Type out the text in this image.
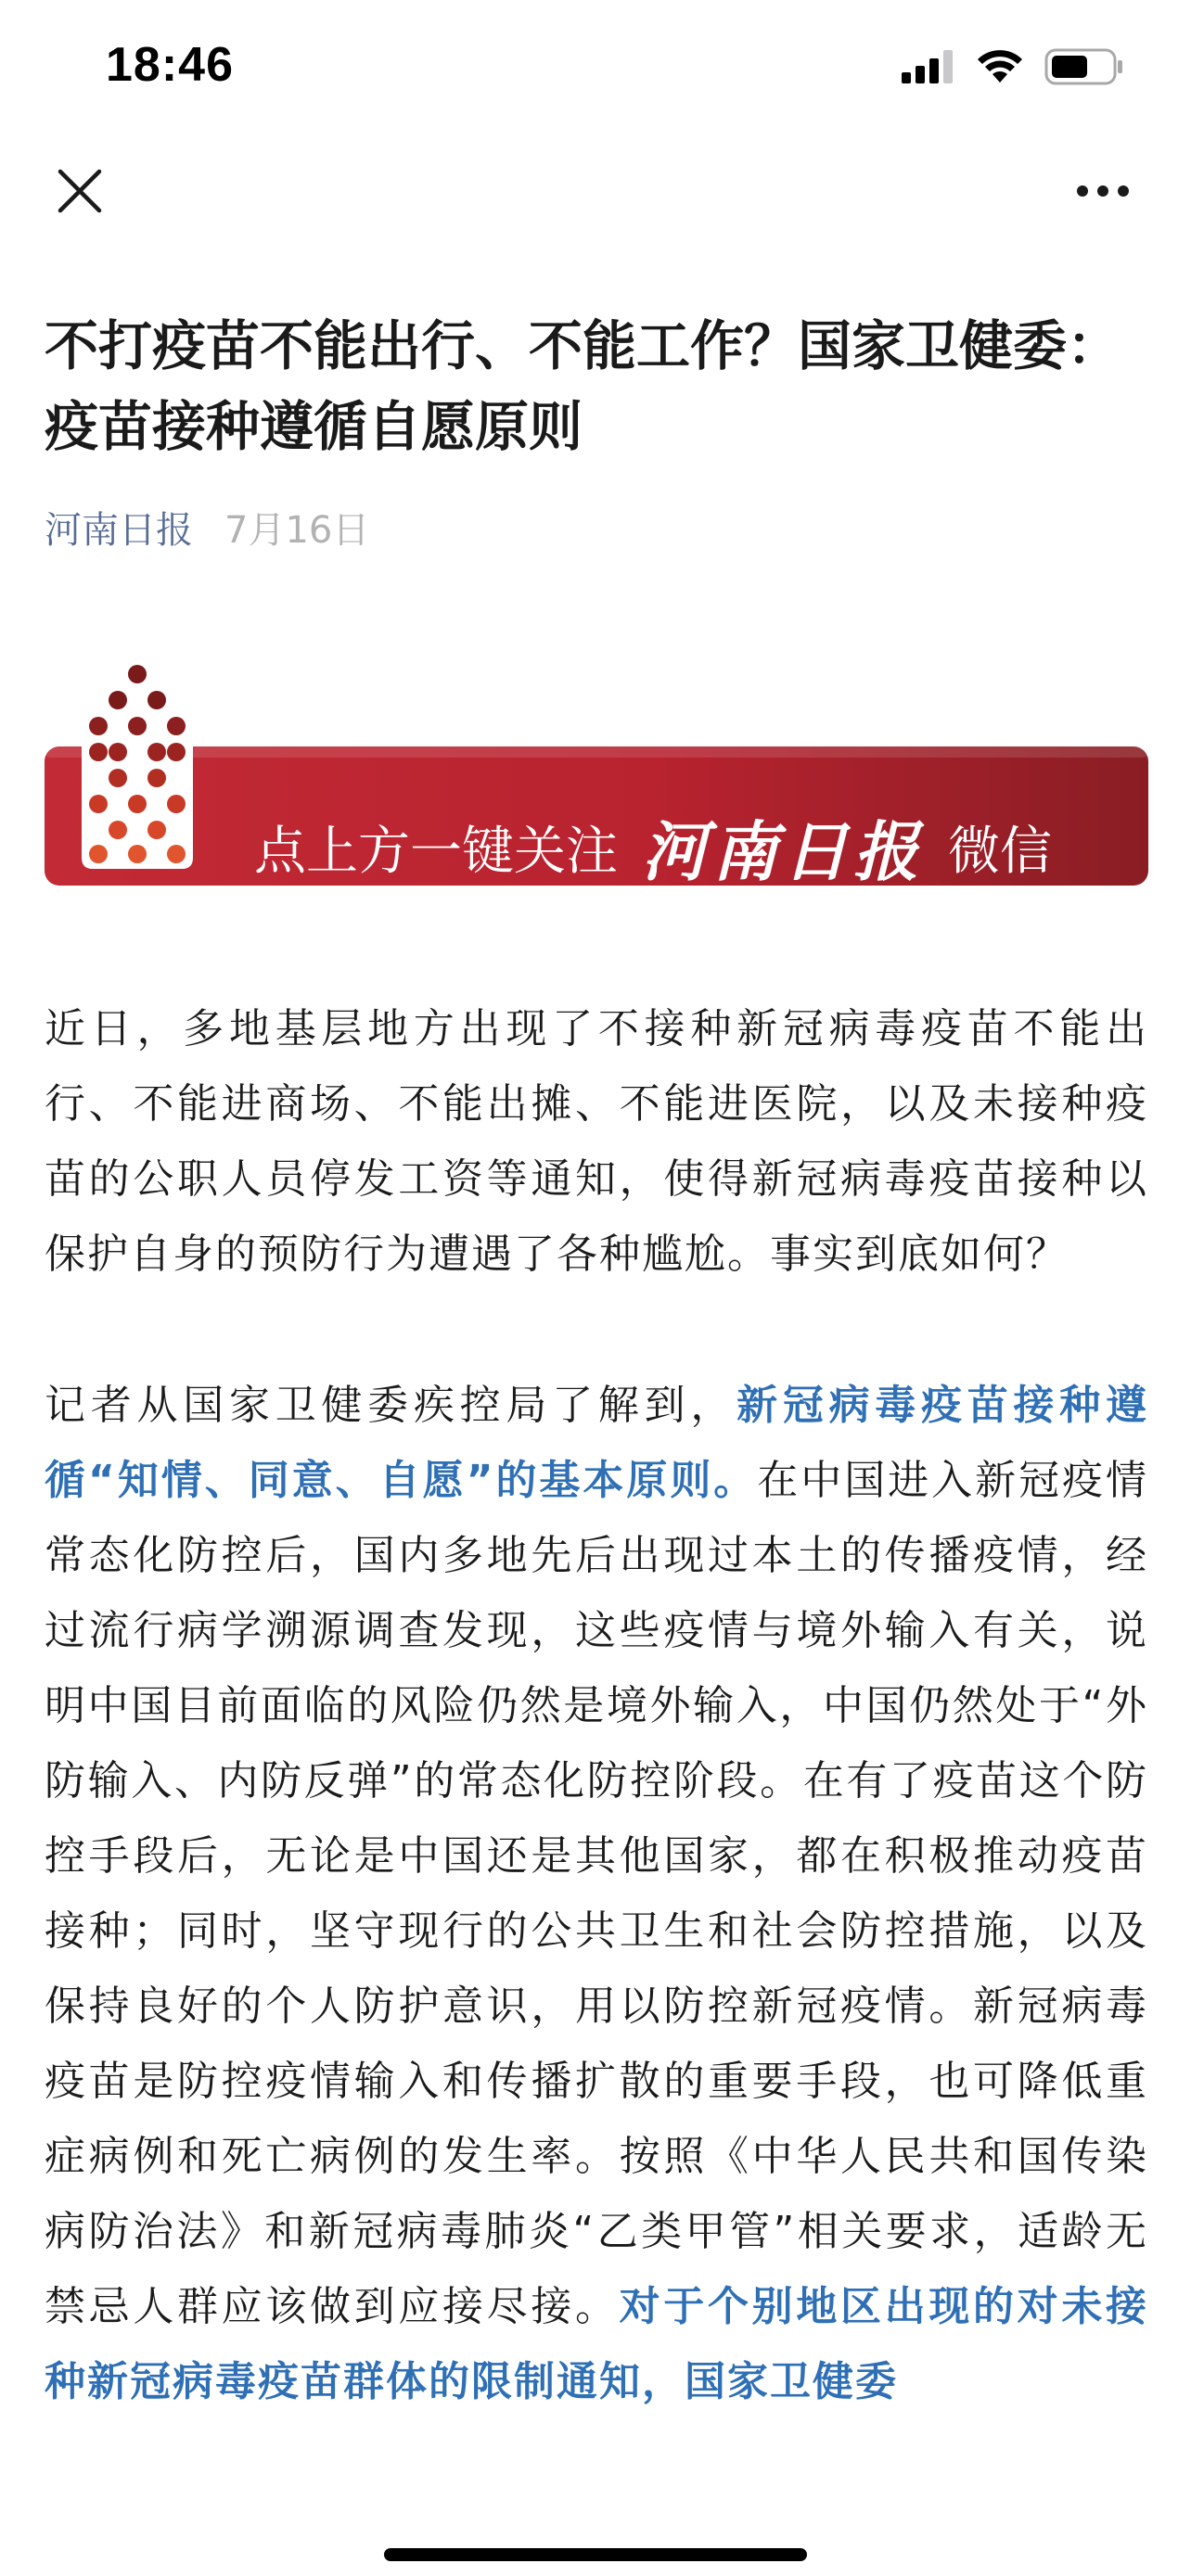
18:46
不打疫苗不能出行、不能工作？国家卫健委：疫苗接种遵循自愿原则
河南日报 7月16日
点上方一键关注 河南日报 微信

近日，多地基层地方出现了不接种新冠病毒疫苗不能出行、不能进商场、不能出摊、不能进医院，以及未接种疫苗的公职人员停发工资等通知，使得新冠病毒疫苗接种以保护自身的预防行为遭遇了各种尴尬。事实到底如何？

记者从国家卫健委疾控局了解到，新冠病毒疫苗接种遵循“知情、同意、自愿”的基本原则。在中国进入新冠疫情常态化防控后，国内多地先后出现过本土的传播疫情，经过流行病学溯源调查发现，这些疫情与境外输入有关，说明中国目前面临的风险仍然是境外输入，中国仍然处于“外防输入、内防反弹”的常态化防控阶段。在有了疫苗这个防控手段后，无论是中国还是其他国家，都在积极推动疫苗接种；同时，坚守现行的公共卫生和社会防控措施，以及保持良好的个人防护意识，用以防控新冠疫情。新冠病毒疫苗是防控疫情输入和传播扩散的重要手段，也可降低重症病例和死亡病例的发生率。按照《中华人民共和国传染病防治法》和新冠病毒肺炎“乙类甲管”相关要求，适龄无禁忌人群应该做到应接尽接。对于个别地区出现的对未接种新冠病毒疫苗群体的限制通知，国家卫健委
